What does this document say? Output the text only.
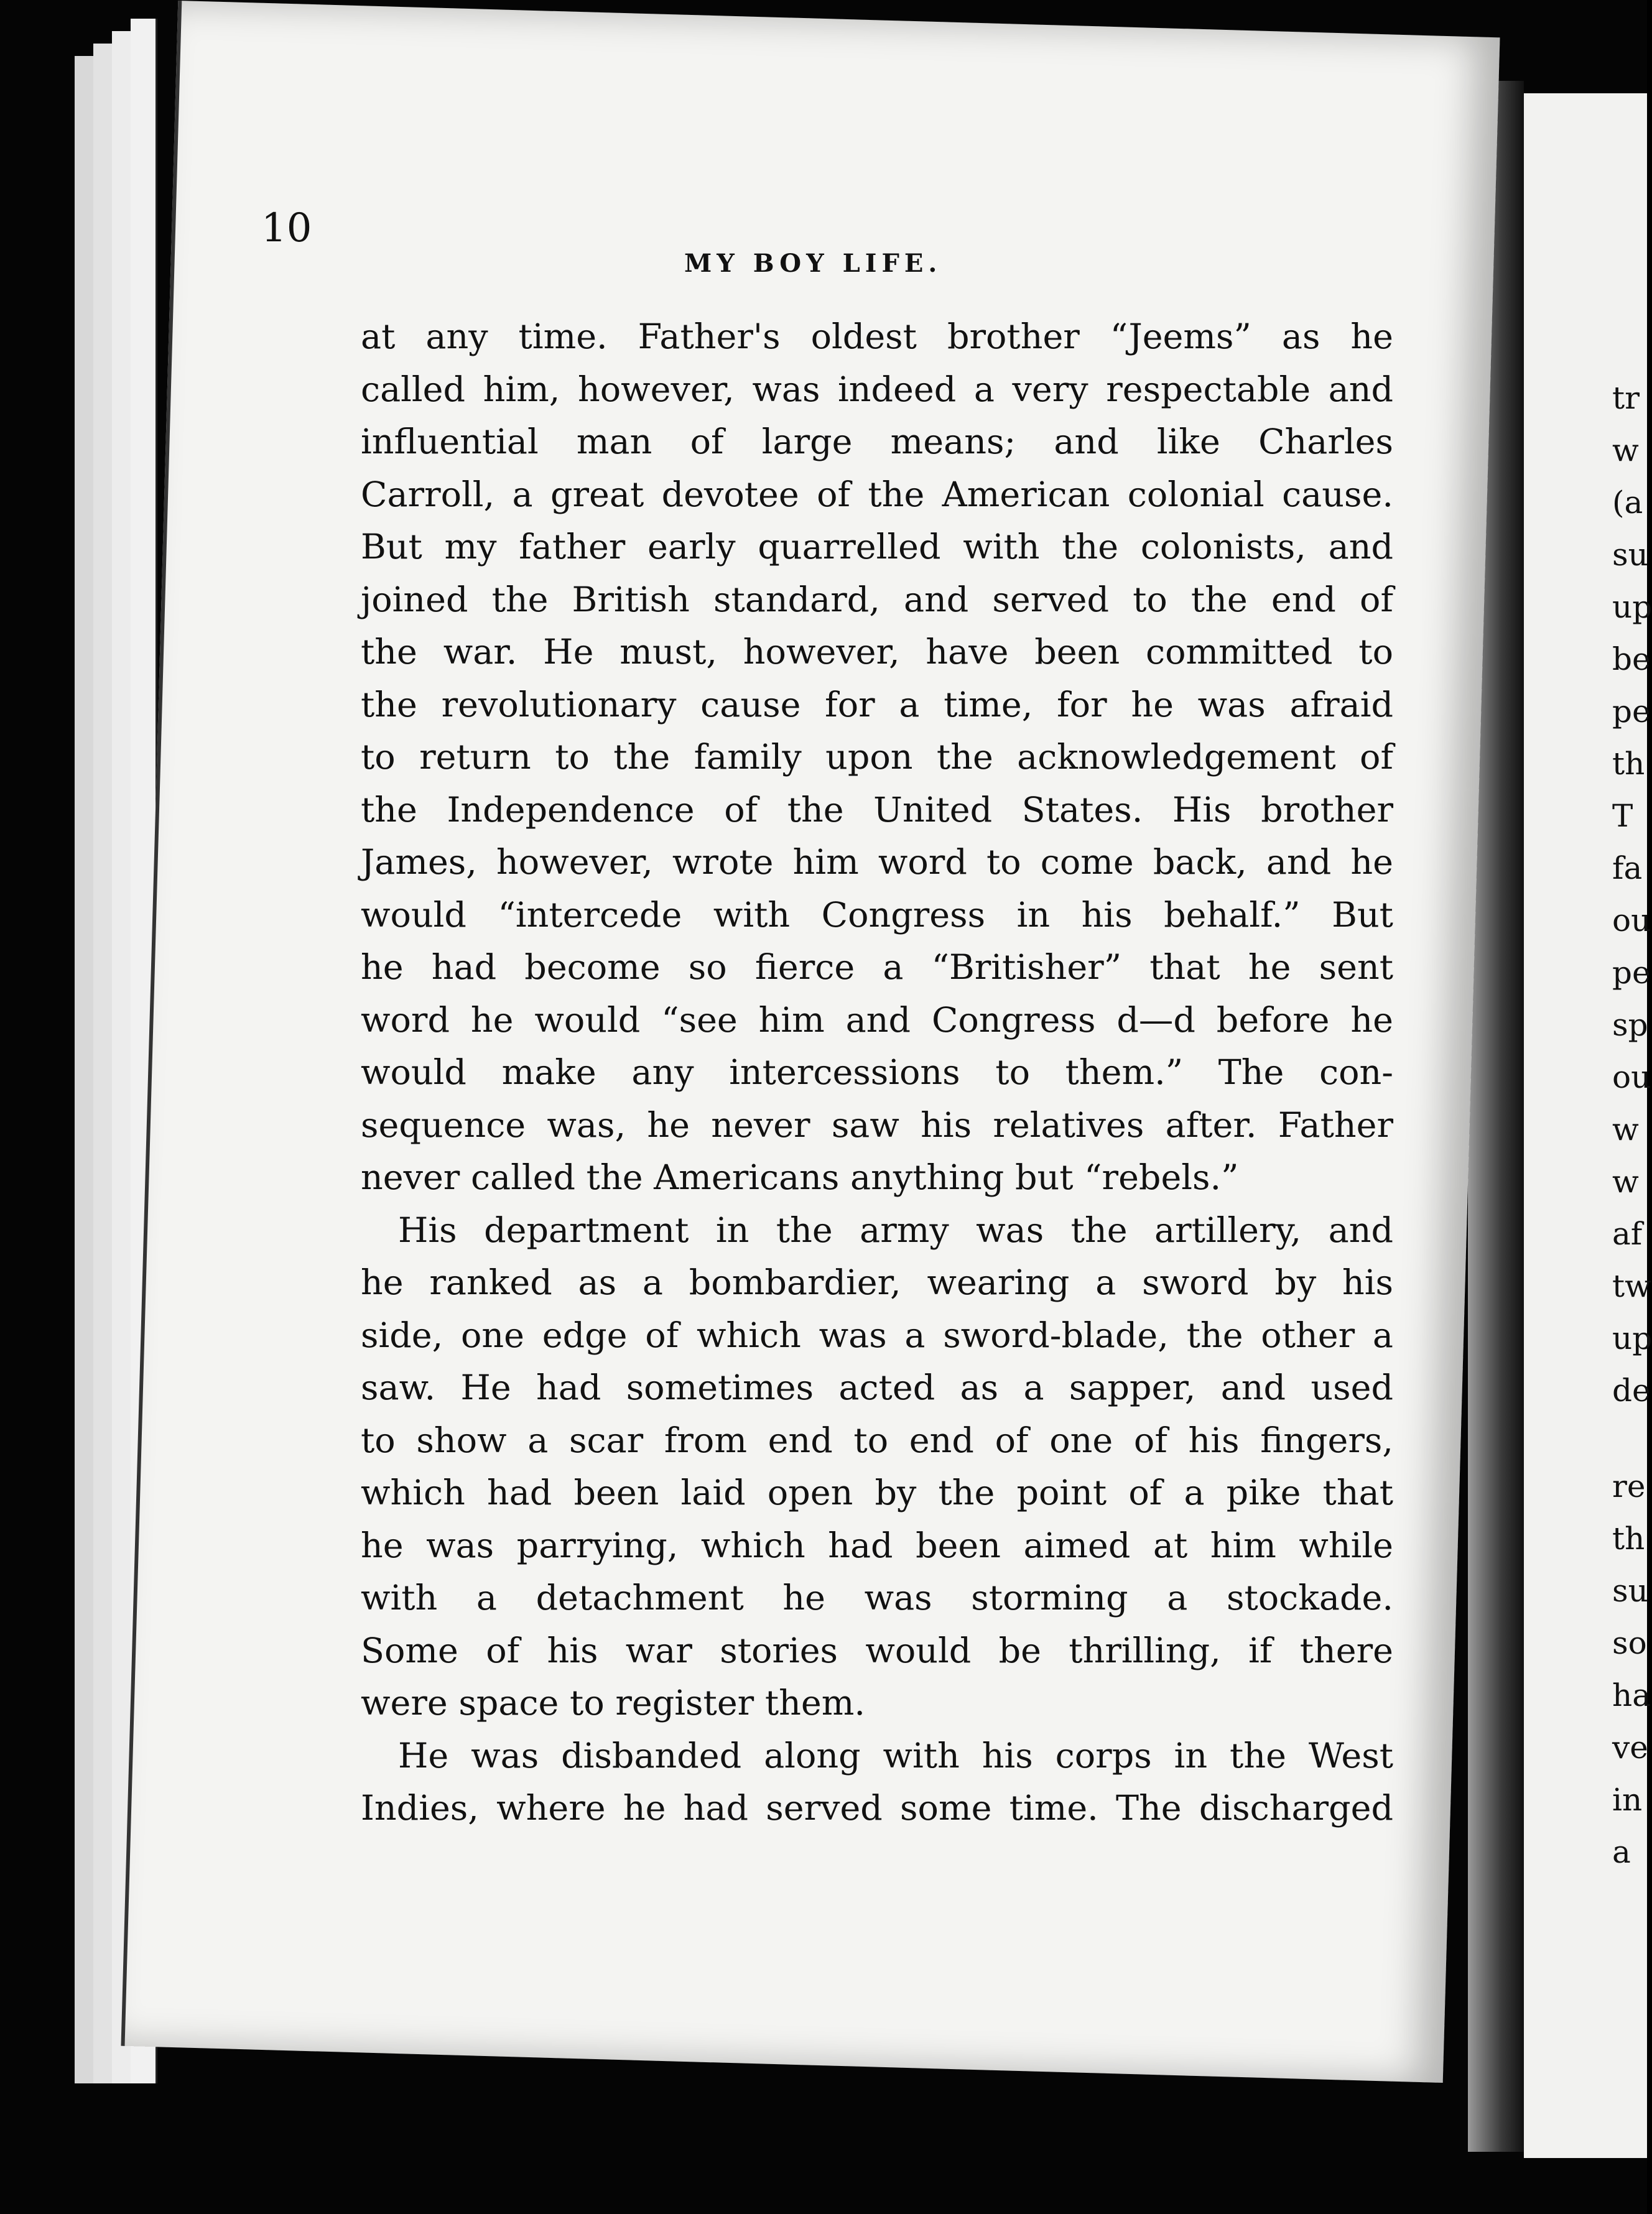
tr
w
(a
su
up
be
pe
th
T
fa
ou
pe
sp
ou
w
w
af
tw
up
de
re
th
su
so
ha
ve
in
a
10
MY BOY LIFE.
at any time. Father's oldest brother “Jeems” as he
called him, however, was indeed a very respectable and
influential man of large means; and like Charles
Carroll, a great devotee of the American colonial cause.
But my father early quarrelled with the colonists, and
joined the British standard, and served to the end of
the war. He must, however, have been committed to
the revolutionary cause for a time, for he was afraid
to return to the family upon the acknowledgement of
the Independence of the United States. His brother
James, however, wrote him word to come back, and he
would “intercede with Congress in his behalf.” But
he had become so fierce a “Britisher” that he sent
word he would “see him and Congress d—d before he
would make any intercessions to them.” The con-
sequence was, he never saw his relatives after. Father
never called the Americans anything but “rebels.”
His department in the army was the artillery, and
he ranked as a bombardier, wearing a sword by his
side, one edge of which was a sword-blade, the other a
saw. He had sometimes acted as a sapper, and used
to show a scar from end to end of one of his fingers,
which had been laid open by the point of a pike that
he was parrying, which had been aimed at him while
with a detachment he was storming a stockade.
Some of his war stories would be thrilling, if there
were space to register them.
He was disbanded along with his corps in the West
Indies, where he had served some time. The discharged
